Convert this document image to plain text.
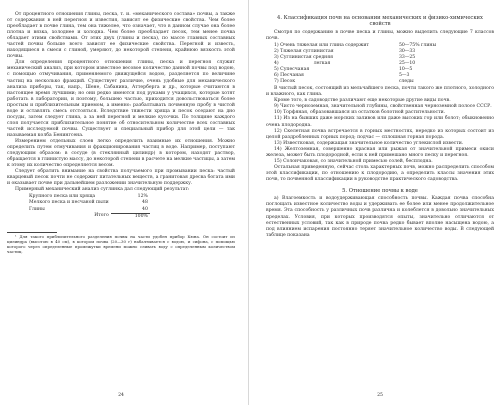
От процентного отношения глины, песка, т. и. «механического состава» почвы, а также от содержания в ней перегноя и известия, зависят ее физические свойства. Чем более преобладает в почве глина, тем она тяжелее, что означает, что в данном случае она более плотна и вязка, холоднее и холодна. Чем более преобладает песок, тем менее почва обладает этими свойствами. От этих двух (глины и песка), по массе главных составных частей почвы больше всего зависят ее физические свойства. Перегной и известь, находящиеся в смеси с глиной, умеряют, до некоторой степени, крайнюю вязкость этой почвы.

Для определения процентного отношения глины, песка и перегноя служит механический анализ, при котором известное весовое количество данной почвы под водою, с помощью отмучивания, применяемого движущейся водою, разделяется по величине частиц на несколько фракций. Существует различие, очень удобные для механического анализа приборы, так, напр., Шене, Сабанина, Аттерберга и др., которые считаются в настоящее время лучшими; но они редко имеются под руками у учащихся, которые хотят работать в лаборатории, и поэтому, большею частью, приходится довольствоваться более простым и приблизительным приемом, а именно: разбалтывать почвенную пробу в чистой воде и оставлять смесь отстояться. Вследствие тяжести хряща и песок оседают на дно посуды, затем следует глина, а за ней перегной и мелкие кусочки. По толщине каждого слоя получается приблизительное понятие об относительном количестве всех составных частей исследуемой почвы. Существует и специальный прибор для этой цели — так называемая колба Бенингсена.

Измерением отдельных слоев легко определить взаимные их отношения. Можно определить путем отмучивания и фракционирования частиц в воде. Например, поступают следующим образом: в сосуде (в стеклянный цилиндр) в котором, находят раствор, обращается в глинистую массу, до некоторой степени в расчете на мелкие частицы, а затем к этому их количество определяется весом.

Следует обратить внимание на свойства получаемого при промывании песка: частый кварцевый песок почти не содержит питательных веществ, а гранитовая дресва богата ими и оказывает почве при дальнейшем разложении значительную поддержку.

Примерный механический анализ суглинка дал следующий результат:

Крупного песка или хряща	12%
Мелкого песка и песчаной пыли	48
Глины	40
Итого	100%

¹ Для такого приблизительного разделения почвы на части удобен прибор Кюна. Он состоит из цилиндра (высотою в 40 см), в котором почва (20—30 г) набалтывается с водою, и сифона, с помощью которого через определенные промежутки времени можно сливать воду с определенным количеством частиц.

24
4. Классификация почв на основании механических и физико-химических свойств

Смотря по содержанию в почве песка и глины, можно выделить следующие 7 классов почв.

1) Очень тяжелая или глина содержит	50—75% глины
2) Тяжелая суглинистая	30—33
3) Суглинистая средняя	33—25
4)                        легкая	25—10
5) Супесчаная	10—5
6) Песчаная	5—3
7) Песок	следы

В чистый песок, состоящий из мельчайшего песка, почти такого же плотного, холодного и влажного, как глина.

Кроме того, в садоводстве различают еще некоторые другие виды почв.

9) Чисто черноземная, значительной глубины, свойственная черноземной полосе СССР.

10) Торфяная, образовавшаяся из остатков болотной растительности.

11) Из на бывших даже морских заливов или даже высоких гор или болот; обыкновенно очень плодородна.

12) Скелетная почва встречается в горных местностях, нередко из которых состоит из целой раздробленных горных пород; подчас — сплошная горная порода.

13) Известковая, содержащая значительное количество углекислой извести.

14) Желтоземная, совершенно красная или рыжая от значительной примеси окиси железа, может быть плодородной, если к ней примешано много песку и перегноя.

15) Солончаковая, со значительной примесью солей, бесплодна.

Остальная приведенную, сейчас столь характерных почв, можно распределить способом этой классификации, по отношению к плодородию, а определить классы значения этих почв, то почвенной классификации в руководстве практического садоводства.

5. Отношение почвы к воде

а) Влагоемкость и водоудерживающая способность почвы. Каждая почва способна поглощать известное количество воды и удерживать ее более или менее продолжительное время. Эта способность у различных почв различна и колеблется в довольно значительных пределах. Условия, при которых производятся опыты, значительно отличаются от естественных условий, так как в природе почва редко бывает вполне насыщена водою, а под влиянием испарения постоянно теряет значительное количество воды. В следующей таблице показана

25
